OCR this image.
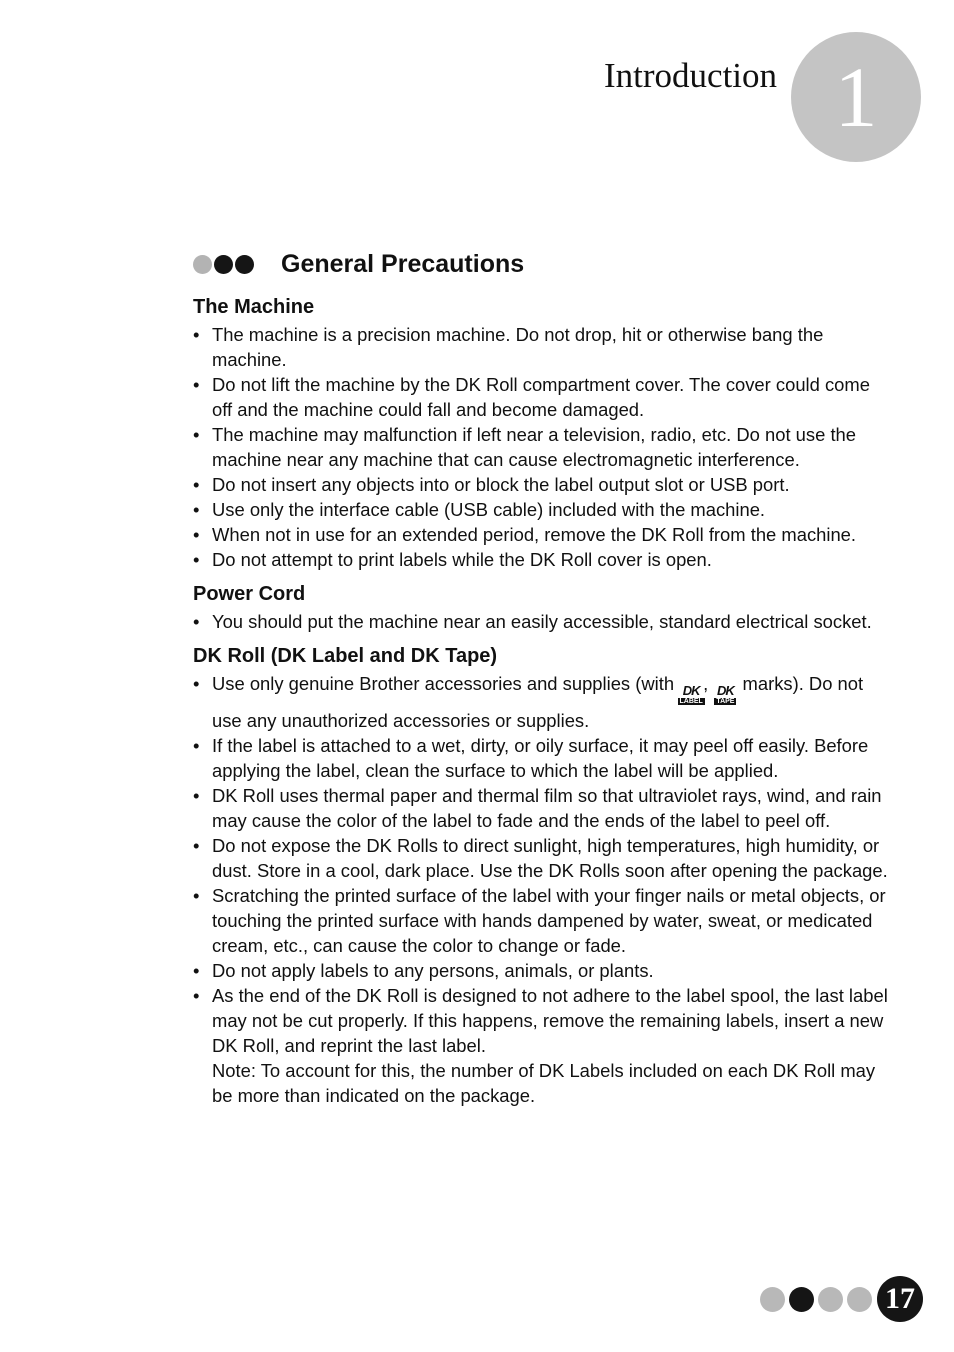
Introduction 1
General Precautions
The Machine
• The machine is a precision machine. Do not drop, hit or otherwise bang the machine.
• Do not lift the machine by the DK Roll compartment cover. The cover could come off and the machine could fall and become damaged.
• The machine may malfunction if left near a television, radio, etc. Do not use the machine near any machine that can cause electromagnetic interference.
• Do not insert any objects into or block the label output slot or USB port.
• Use only the interface cable (USB cable) included with the machine.
• When not in use for an extended period, remove the DK Roll from the machine.
• Do not attempt to print labels while the DK Roll cover is open.
Power Cord
• You should put the machine near an easily accessible, standard electrical socket.
DK Roll (DK Label and DK Tape)
• Use only genuine Brother accessories and supplies (with DK
LABEL
, DK
TAPE
marks). Do not use any unauthorized accessories or supplies.
• If the label is attached to a wet, dirty, or oily surface, it may peel off easily. Before applying the label, clean the surface to which the label will be applied.
• DK Roll uses thermal paper and thermal film so that ultraviolet rays, wind, and rain may cause the color of the label to fade and the ends of the label to peel off.
• Do not expose the DK Rolls to direct sunlight, high temperatures, high humidity, or dust. Store in a cool, dark place. Use the DK Rolls soon after opening the package.
• Scratching the printed surface of the label with your finger nails or metal objects, or touching the printed surface with hands dampened by water, sweat, or medicated cream, etc., can cause the color to change or fade.
• Do not apply labels to any persons, animals, or plants.
• As the end of the DK Roll is designed to not adhere to the label spool, the last label may not be cut properly. If this happens, remove the remaining labels, insert a new DK Roll, and reprint the last label.
Note: To account for this, the number of DK Labels included on each DK Roll may be more than indicated on the package.
17
